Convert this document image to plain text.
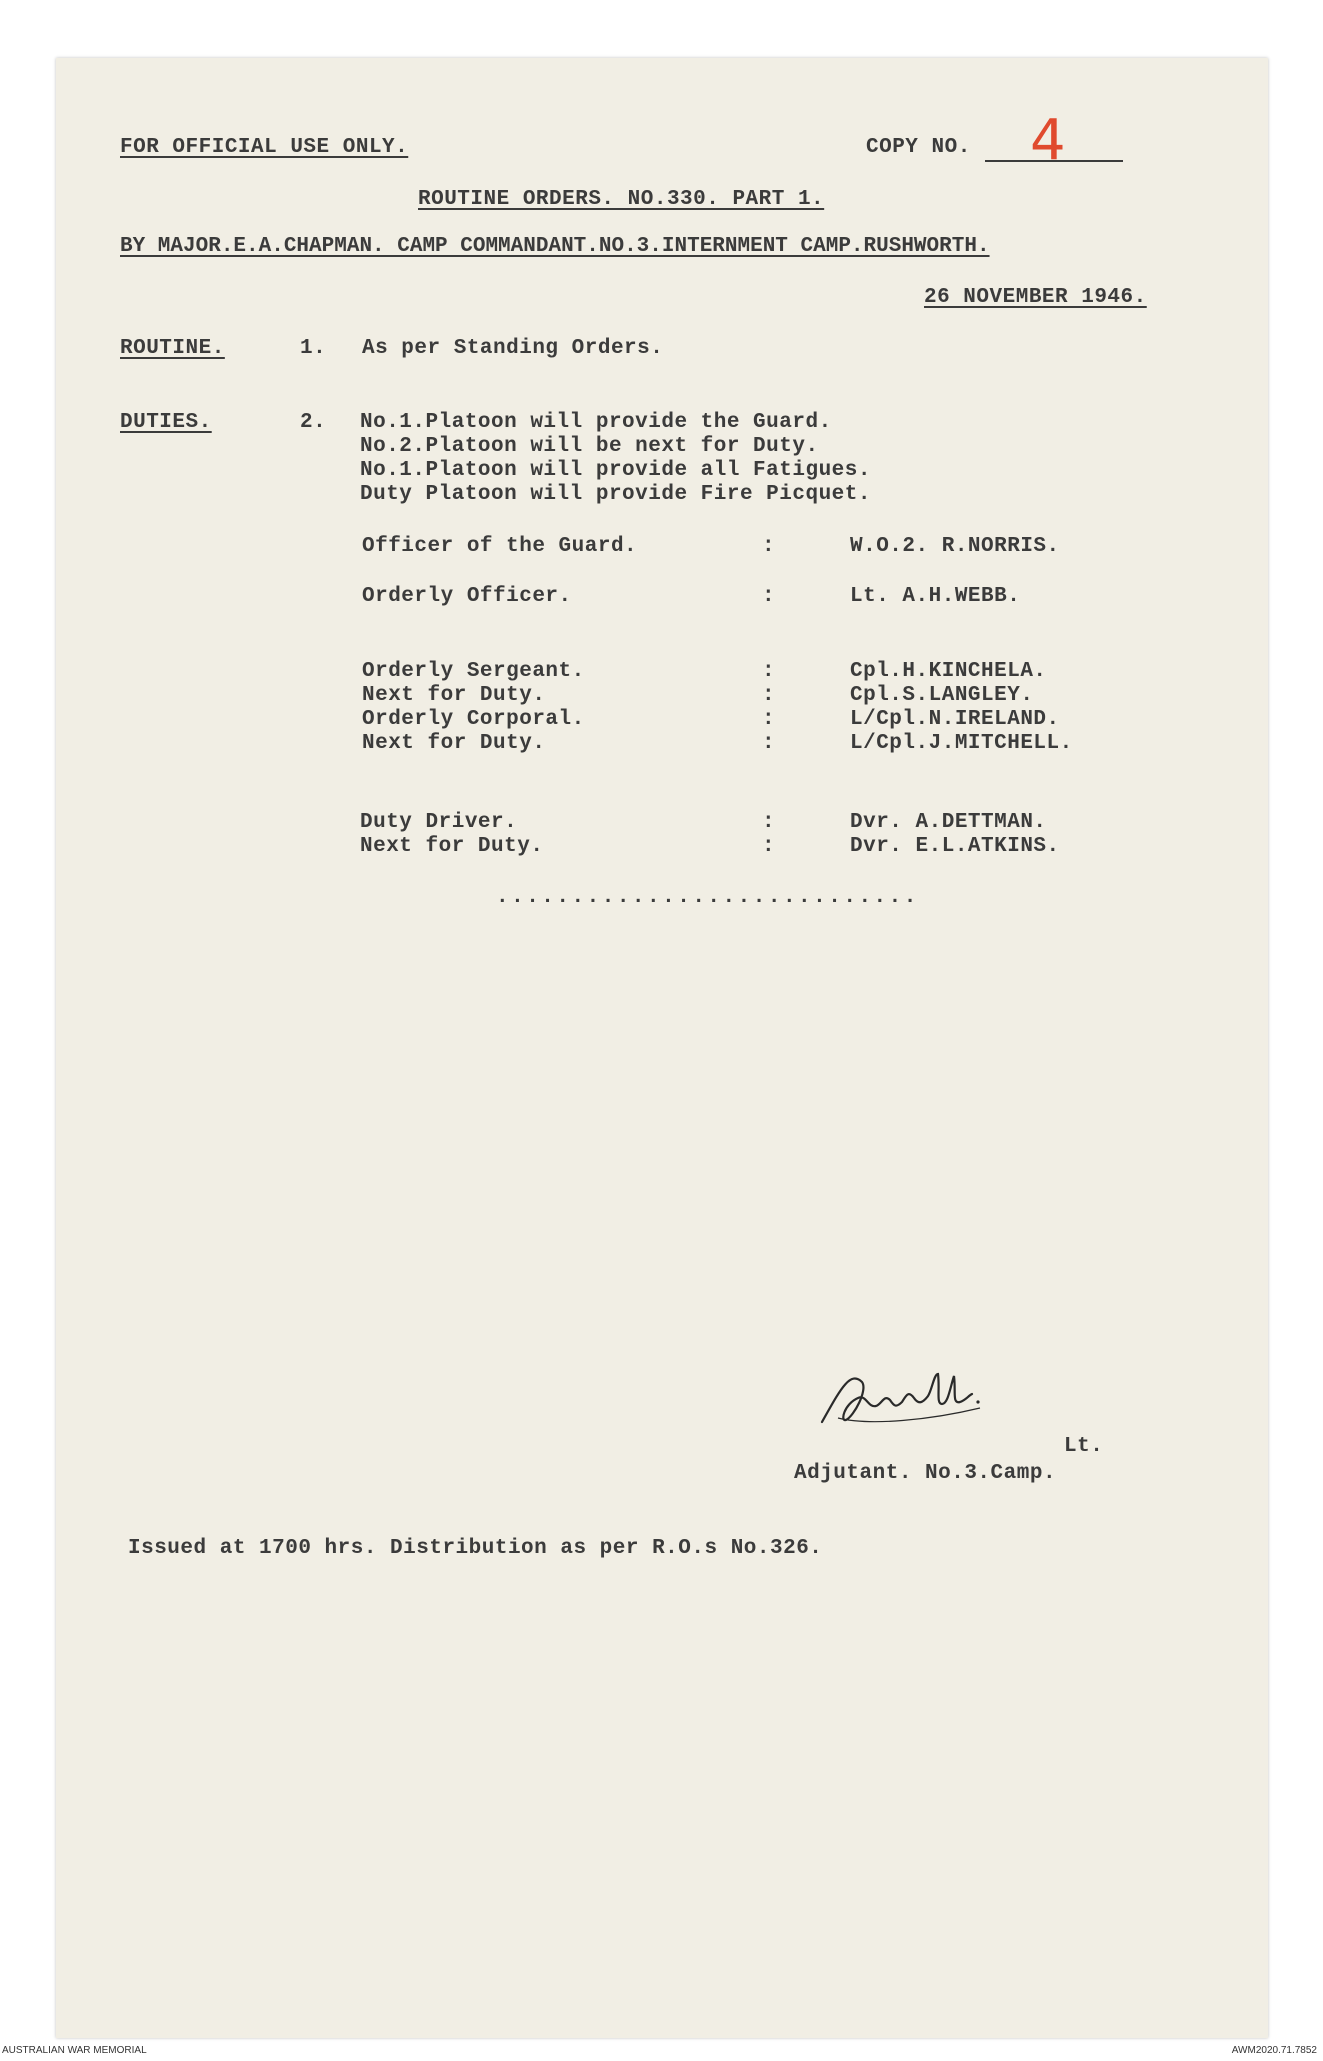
FOR OFFICIAL USE ONLY.	COPY NO. 4
ROUTINE ORDERS. NO.330. PART 1.
BY MAJOR.E.A.CHAPMAN. CAMP COMMANDANT.NO.3.INTERNMENT CAMP.RUSHWORTH.
26 NOVEMBER 1946.
ROUTINE.	1. As per Standing Orders.
DUTIES.	2. No.1.Platoon will provide the Guard.
No.2.Platoon will be next for Duty.
No.1.Platoon will provide all Fatigues.
Duty Platoon will provide Fire Picquet.
Officer of the Guard.	:	W.O.2. R.NORRIS.
Orderly Officer.	:	Lt. A.H.WEBB.
Orderly Sergeant.	:	Cpl.H.KINCHELA.
Next for Duty.	:	Cpl.S.LANGLEY.
Orderly Corporal.	:	L/Cpl.N.IRELAND.
Next for Duty.	:	L/Cpl.J.MITCHELL.
Duty Driver.	:	Dvr. A.DETTMAN.
Next for Duty.	:	Dvr. E.L.ATKINS.
............................
Lt.
Adjutant. No.3.Camp.
Issued at 1700 hrs. Distribution as per R.O.s No.326.
AUSTRALIAN WAR MEMORIAL	AWM2020.71.7852
